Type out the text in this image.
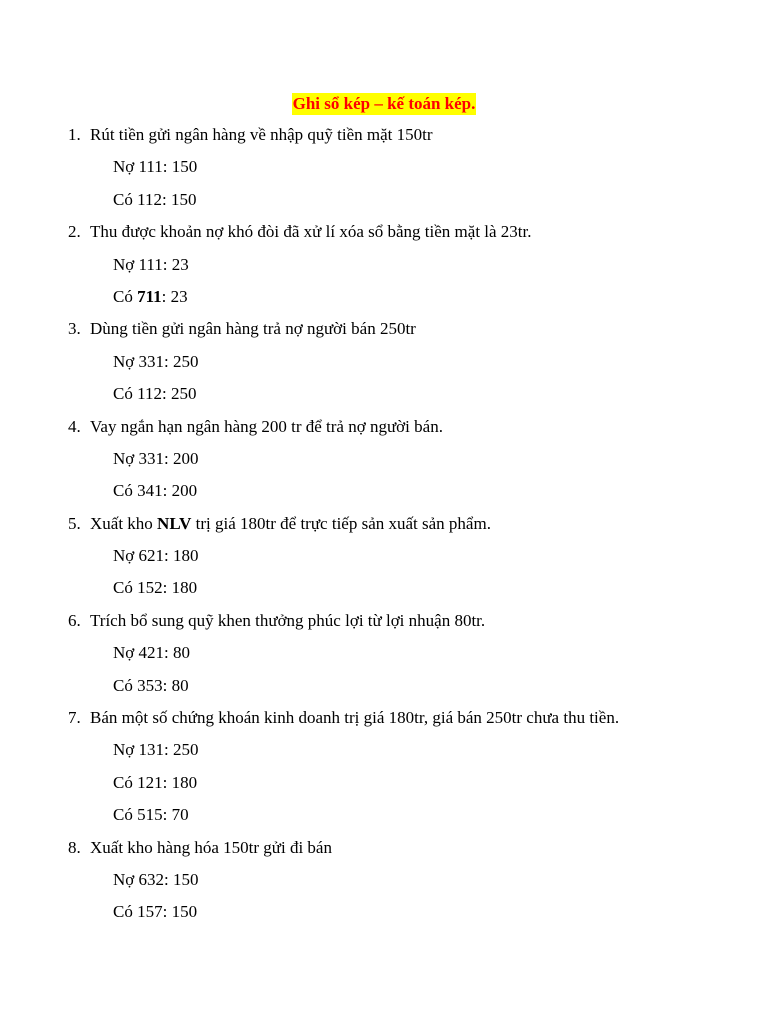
Ghi sổ kép – kế toán kép.
1. Rút tiền gửi ngân hàng về nhập quỹ tiền mặt 150tr
Nợ 111: 150
Có 112: 150
2. Thu được khoản nợ khó đòi đã xử lí xóa sổ bằng tiền mặt là 23tr.
Nợ 111: 23
Có 711: 23
3. Dùng tiền gửi ngân hàng trả nợ người bán 250tr
Nợ 331: 250
Có 112: 250
4. Vay ngắn hạn ngân hàng 200 tr để trả nợ người bán.
Nợ 331: 200
Có 341: 200
5. Xuất kho NLV trị giá 180tr để trực tiếp sản xuất sản phẩm.
Nợ 621: 180
Có 152: 180
6. Trích bổ sung quỹ khen thưởng phúc lợi từ lợi nhuận 80tr.
Nợ 421: 80
Có 353: 80
7. Bán một số chứng khoán kinh doanh trị giá 180tr, giá bán 250tr chưa thu tiền.
Nợ 131: 250
Có 121: 180
Có 515: 70
8. Xuất kho hàng hóa 150tr gửi đi bán
Nợ 632: 150
Có 157: 150
